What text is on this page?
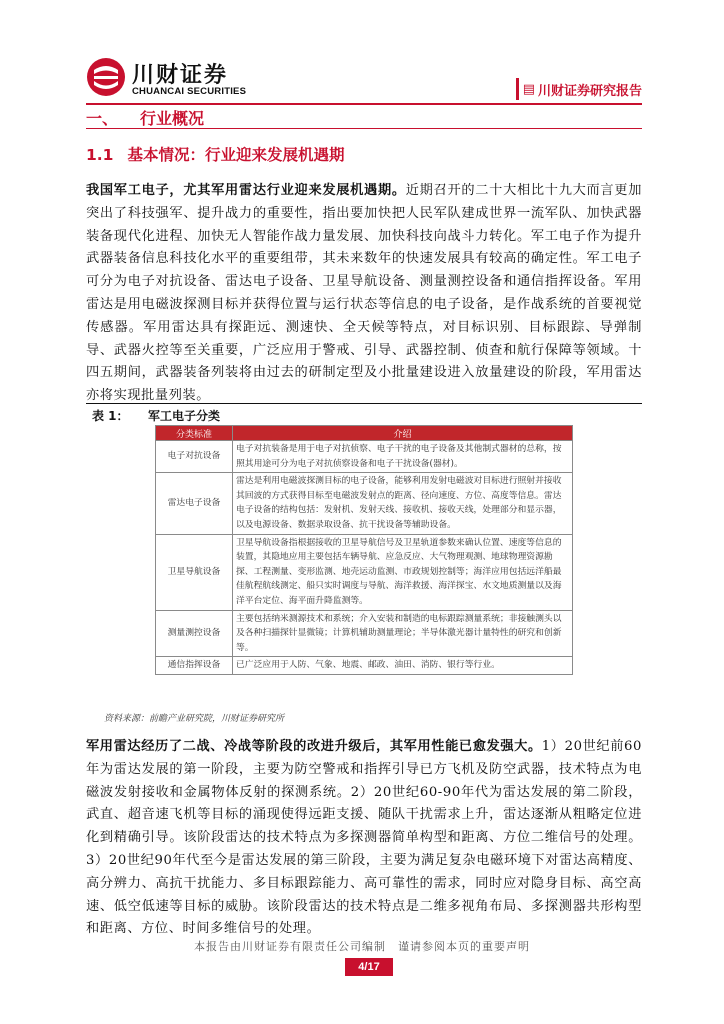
川财证券
CHUANCAI SECURITIES	▤ 川财证券研究报告
一、 行业概况
1.1 基本情况：行业迎来发展机遇期
我国军工电子，尤其军用雷达行业迎来发展机遇期。近期召开的二十大相比十九大而言更加突出了科技强军、提升战力的重要性，指出要加快把人民军队建成世界一流军队、加快武器装备现代化进程、加快无人智能作战力量发展、加快科技向战斗力转化。军工电子作为提升武器装备信息科技化水平的重要组带，其未来数年的快速发展具有较高的确定性。军工电子可分为电子对抗设备、雷达电子设备、卫星导航设备、测量测控设备和通信指挥设备。军用雷达是用电磁波探测目标并获得位置与运行状态等信息的电子设备，是作战系统的首要视觉传感器。军用雷达具有探距远、测速快、全天候等特点，对目标识别、目标跟踪、导弹制导、武器火控等至关重要，广泛应用于警戒、引导、武器控制、侦查和航行保障等领域。十四五期间，武器装备列装将由过去的研制定型及小批量建设进入放量建设的阶段，军用雷达亦将实现批量列装。
表 1： 军工电子分类
分类标准	介绍
电子对抗设备	电子对抗装备是用于电子对抗侦察、电子干扰的电子设备及其他制式器材的总称，按照其用途可分为电子对抗侦察设备和电子干扰设备(器材)。
雷达电子设备	雷达是利用电磁波探测目标的电子设备，能够利用发射电磁波对目标进行照射并接收其回波的方式获得目标至电磁波发射点的距离、径向速度、方位、高度等信息。雷达电子设备的结构包括：发射机、发射天线、接收机、接收天线，处理部分和显示器，以及电源设备、数据录取设备、抗干扰设备等辅助设备。
卫星导航设备	卫星导航设备指根据接收的卫星导航信号及卫星轨道参数来确认位置、速度等信息的装置，其隐地应用主要包括车辆导航、应急反应、大气物理观测、地球物理资源勘探、工程测量、变形监测、地壳运动监测、市政规划控制等；海洋应用包括远洋船最佳航程航线测定、船只实时调度与导航、海洋救援、海洋探宝、水文地质测量以及海洋平台定位、海平面升降监测等。
测量测控设备	主要包括纳米测源技术和系统；介入安装和制造的电标跟踪测量系统；非接触测头以及各种扫描探针显微镜；计算机辅助测量理论；半导体激光器计量特性的研究和创新等。
通信指挥设备	已广泛应用于人防、气象、地震、邮政、油田、消防、银行等行业。
资料来源：前瞻产业研究院，川财证券研究所
军用雷达经历了二战、冷战等阶段的改进升级后，其军用性能已愈发强大。1）20世纪前60年为雷达发展的第一阶段，主要为防空警戒和指挥引导已方飞机及防空武器，技术特点为电磁波发射接收和金属物体反射的探测系统。2）20世纪60-90年代为雷达发展的第二阶段，武直、超音速飞机等目标的涌现使得远距支援、随队干扰需求上升，雷达逐渐从粗略定位进化到精确引导。该阶段雷达的技术特点为多探测器简单构型和距离、方位二维信号的处理。3）20世纪90年代至今是雷达发展的第三阶段，主要为满足复杂电磁环境下对雷达高精度、高分辨力、高抗干扰能力、多目标跟踪能力、高可靠性的需求，同时应对隐身目标、高空高速、低空低速等目标的威胁。该阶段雷达的技术特点是二维多视角布局、多探测器共形构型和距离、方位、时间多维信号的处理。
本报告由川财证券有限责任公司编制　谨请参阅本页的重要声明
4/17
